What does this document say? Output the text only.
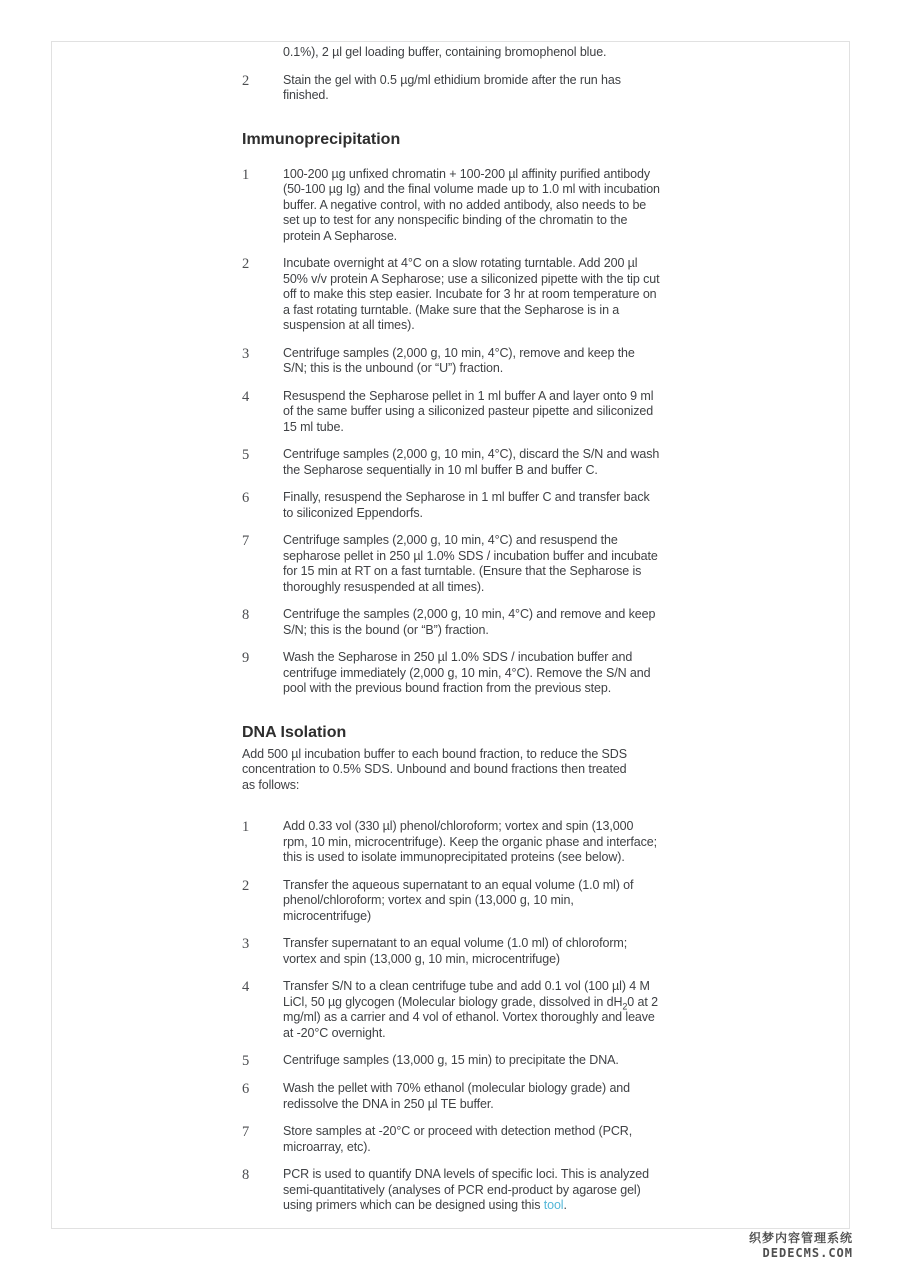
0.1%), 2 µl gel loading buffer, containing bromophenol blue.
2	Stain the gel with 0.5 µg/ml ethidium bromide after the run has finished.
Immunoprecipitation
1	100-200 µg unfixed chromatin + 100-200 µl affinity purified antibody (50-100 µg Ig) and the final volume made up to 1.0 ml with incubation buffer. A negative control, with no added antibody, also needs to be set up to test for any nonspecific binding of the chromatin to the protein A Sepharose.
2	Incubate overnight at 4°C on a slow rotating turntable. Add 200 µl 50% v/v protein A Sepharose; use a siliconized pipette with the tip cut off to make this step easier. Incubate for 3 hr at room temperature on a fast rotating turntable. (Make sure that the Sepharose is in a suspension at all times).
3	Centrifuge samples (2,000 g, 10 min, 4°C), remove and keep the S/N; this is the unbound (or “U”) fraction.
4	Resuspend the Sepharose pellet in 1 ml buffer A and layer onto 9 ml of the same buffer using a siliconized pasteur pipette and siliconized 15 ml tube.
5	Centrifuge samples (2,000 g, 10 min, 4°C), discard the S/N and wash the Sepharose sequentially in 10 ml buffer B and buffer C.
6	Finally, resuspend the Sepharose in 1 ml buffer C and transfer back to siliconized Eppendorfs.
7	Centrifuge samples (2,000 g, 10 min, 4°C) and resuspend the sepharose pellet in 250 µl 1.0% SDS / incubation buffer and incubate for 15 min at RT on a fast turntable. (Ensure that the Sepharose is thoroughly resuspended at all times).
8	Centrifuge the samples (2,000 g, 10 min, 4°C) and remove and keep S/N; this is the bound (or “B”) fraction.
9	Wash the Sepharose in 250 µl 1.0% SDS / incubation buffer and centrifuge immediately (2,000 g, 10 min, 4°C). Remove the S/N and pool with the previous bound fraction from the previous step.
DNA Isolation

Add 500 µl incubation buffer to each bound fraction, to reduce the SDS concentration to 0.5% SDS. Unbound and bound fractions then treated as follows:

1	Add 0.33 vol (330 µl) phenol/chloroform; vortex and spin (13,000 rpm, 10 min, microcentrifuge). Keep the organic phase and interface; this is used to isolate immunoprecipitated proteins (see below).
2	Transfer the aqueous supernatant to an equal volume (1.0 ml) of phenol/chloroform; vortex and spin (13,000 g, 10 min, microcentrifuge)
3	Transfer supernatant to an equal volume (1.0 ml) of chloroform; vortex and spin (13,000 g, 10 min, microcentrifuge)
4	Transfer S/N to a clean centrifuge tube and add 0.1 vol (100 µl) 4 M LiCl, 50 µg glycogen (Molecular biology grade, dissolved in $dH_20$ at 2 mg/ml) as a carrier and 4 vol of ethanol. Vortex thoroughly and leave at -20°C overnight.
5	Centrifuge samples (13,000 g, 15 min) to precipitate the DNA.
6	Wash the pellet with 70% ethanol (molecular biology grade) and redissolve the DNA in 250 µl TE buffer.
7	Store samples at -20°C or proceed with detection method (PCR, microarray, etc).
8	PCR is used to quantify DNA levels of specific loci. This is analyzed semi-quantitatively (analyses of PCR end-product by agarose gel) using primers which can be designed using this tool.
织梦内容管理系统
DEDECMS.COM
